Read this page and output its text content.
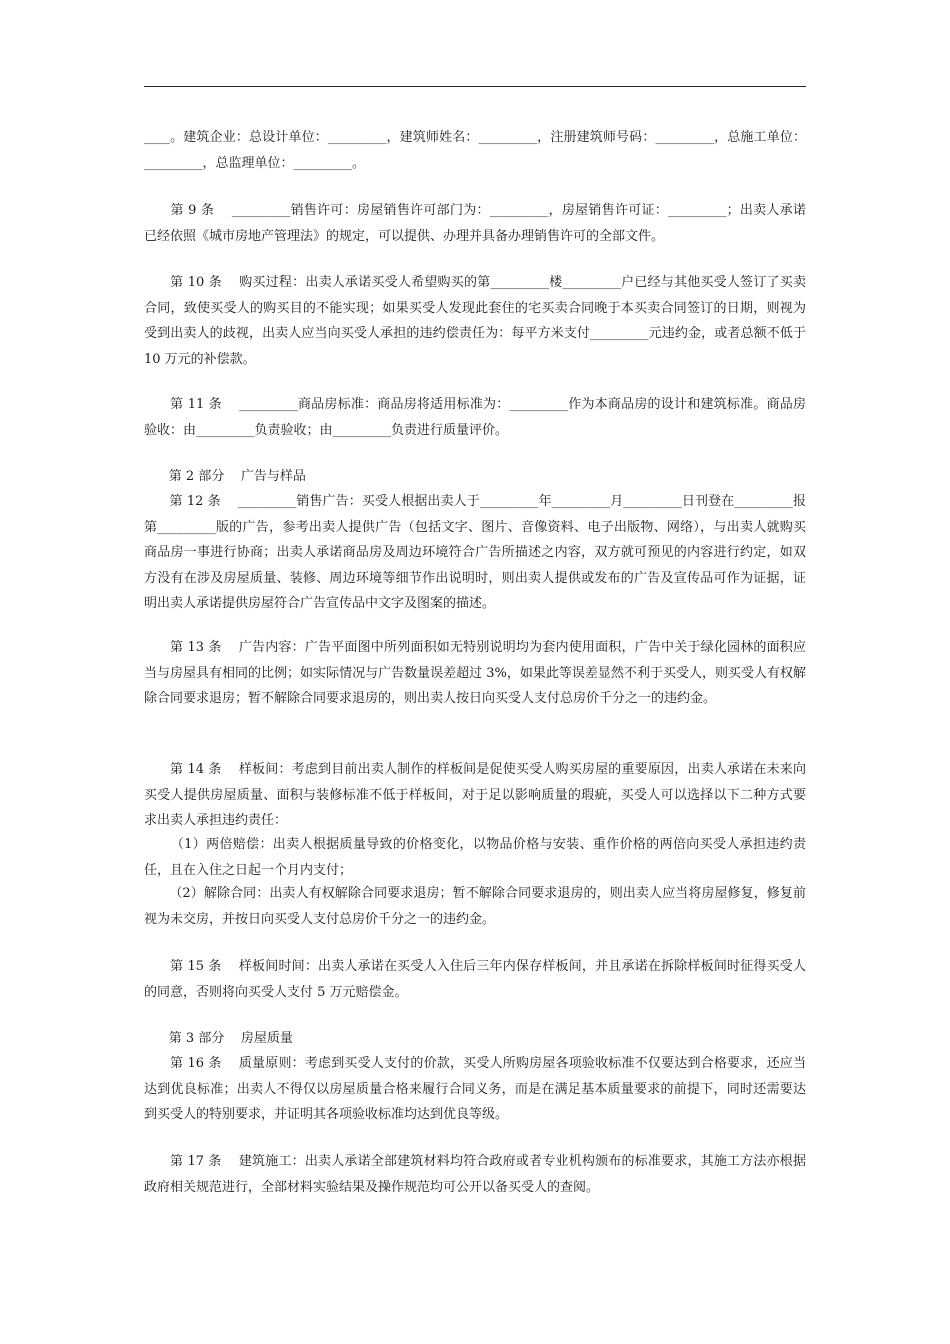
____。建筑企业：总设计单位：_________，建筑师姓名：_________，注册建筑师号码：_________，总施工单位：_________，总监理单位：_________。

第 9 条    _________销售许可：房屋销售许可部门为：_________，房屋销售许可证：_________；出卖人承诺已经依照《城市房地产管理法》的规定，可以提供、办理并具备办理销售许可的全部文件。

第 10 条    购买过程：出卖人承诺买受人希望购买的第_________楼_________户已经与其他买受人签订了买卖合同，致使买受人的购买目的不能实现；如果买受人发现此套住的宅买卖合同晚于本买卖合同签订的日期，则视为受到出卖人的歧视，出卖人应当向买受人承担的违约偿责任为：每平方米支付_________元违约金，或者总额不低于 10 万元的补偿款。

第 11 条    _________商品房标准：商品房将适用标准为：_________作为本商品房的设计和建筑标准。商品房验收：由_________负责验收；由_________负责进行质量评价。

第 2 部分    广告与样品

第 12 条    _________销售广告：买受人根据出卖人于_________年_________月_________日刊登在_________报第_________版的广告，参考出卖人提供广告（包括文字、图片、音像资料、电子出版物、网络），与出卖人就购买商品房一事进行协商；出卖人承诺商品房及周边环境符合广告所描述之内容，双方就可预见的内容进行约定，如双方没有在涉及房屋质量、装修、周边环境等细节作出说明时，则出卖人提供或发布的广告及宣传品可作为证据，证明出卖人承诺提供房屋符合广告宣传品中文字及图案的描述。

第 13 条    广告内容：广告平面图中所列面积如无特别说明均为套内使用面积，广告中关于绿化园林的面积应当与房屋具有相同的比例；如实际情况与广告数量误差超过 3%，如果此等误差显然不利于买受人，则买受人有权解除合同要求退房；暂不解除合同要求退房的，则出卖人按日向买受人支付总房价千分之一的违约金。

第 14 条    样板间：考虑到目前出卖人制作的样板间是促使买受人购买房屋的重要原因，出卖人承诺在未来向买受人提供房屋质量、面积与装修标准不低于样板间，对于足以影响质量的瑕疵，买受人可以选择以下二种方式要求出卖人承担违约责任：

（1）两倍赔偿：出卖人根据质量导致的价格变化，以物品价格与安装、重作价格的两倍向买受人承担违约责任，且在入住之日起一个月内支付；

（2）解除合同：出卖人有权解除合同要求退房；暂不解除合同要求退房的，则出卖人应当将房屋修复，修复前视为未交房，并按日向买受人支付总房价千分之一的违约金。

第 15 条    样板间时间：出卖人承诺在买受人入住后三年内保存样板间，并且承诺在拆除样板间时征得买受人的同意，否则将向买受人支付 5 万元赔偿金。

第 3 部分    房屋质量

第 16 条    质量原则：考虑到买受人支付的价款，买受人所购房屋各项验收标准不仅要达到合格要求，还应当达到优良标准；出卖人不得仅以房屋质量合格来履行合同义务，而是在满足基本质量要求的前提下，同时还需要达到买受人的特别要求，并证明其各项验收标准均达到优良等级。

第 17 条    建筑施工：出卖人承诺全部建筑材料均符合政府或者专业机构颁布的标准要求，其施工方法亦根据政府相关规范进行，全部材料实验结果及操作规范均可公开以备买受人的查阅。
